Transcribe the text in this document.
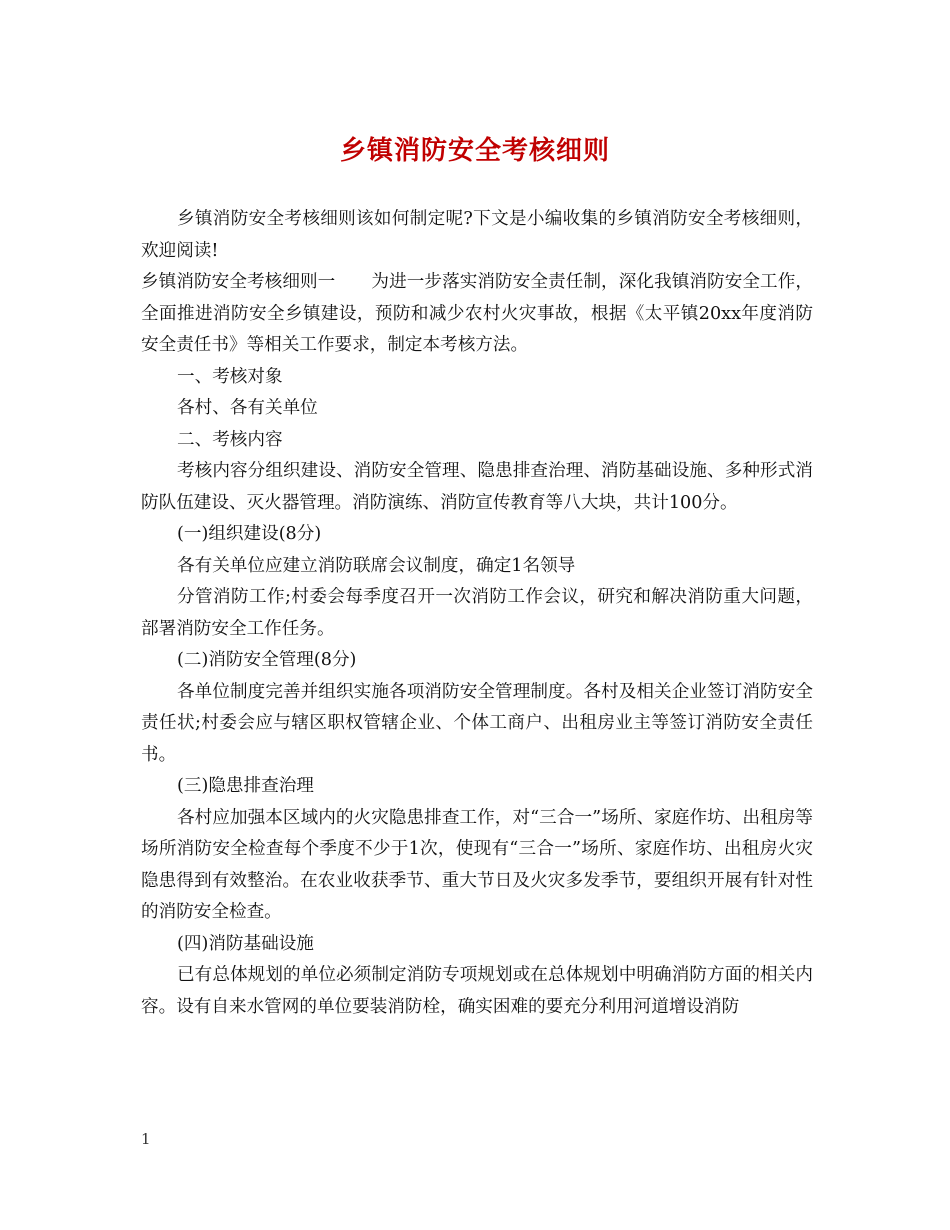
乡镇消防安全考核细则

乡镇消防安全考核细则该如何制定呢?下文是小编收集的乡镇消防安全考核细则，欢迎阅读!

乡镇消防安全考核细则一 为进一步落实消防安全责任制，深化我镇消防安全工作，全面推进消防安全乡镇建设，预防和减少农村火灾事故，根据《太平镇20xx年度消防安全责任书》等相关工作要求，制定本考核方法。

一、考核对象

各村、各有关单位

二、考核内容

考核内容分组织建设、消防安全管理、隐患排查治理、消防基础设施、多种形式消防队伍建设、灭火器管理。消防演练、消防宣传教育等八大块，共计100分。

(一)组织建设(8分)

各有关单位应建立消防联席会议制度，确定1名领导

分管消防工作;村委会每季度召开一次消防工作会议，研究和解决消防重大问题，部署消防安全工作任务。

(二)消防安全管理(8分)

各单位制度完善并组织实施各项消防安全管理制度。各村及相关企业签订消防安全责任状;村委会应与辖区职权管辖企业、个体工商户、出租房业主等签订消防安全责任书。

(三)隐患排查治理

各村应加强本区域内的火灾隐患排查工作，对“三合一”场所、家庭作坊、出租房等场所消防安全检查每个季度不少于1次，使现有“三合一”场所、家庭作坊、出租房火灾隐患得到有效整治。在农业收获季节、重大节日及火灾多发季节，要组织开展有针对性的消防安全检查。

(四)消防基础设施

已有总体规划的单位必须制定消防专项规划或在总体规划中明确消防方面的相关内容。设有自来水管网的单位要装消防栓，确实困难的要充分利用河道增设消防

1
